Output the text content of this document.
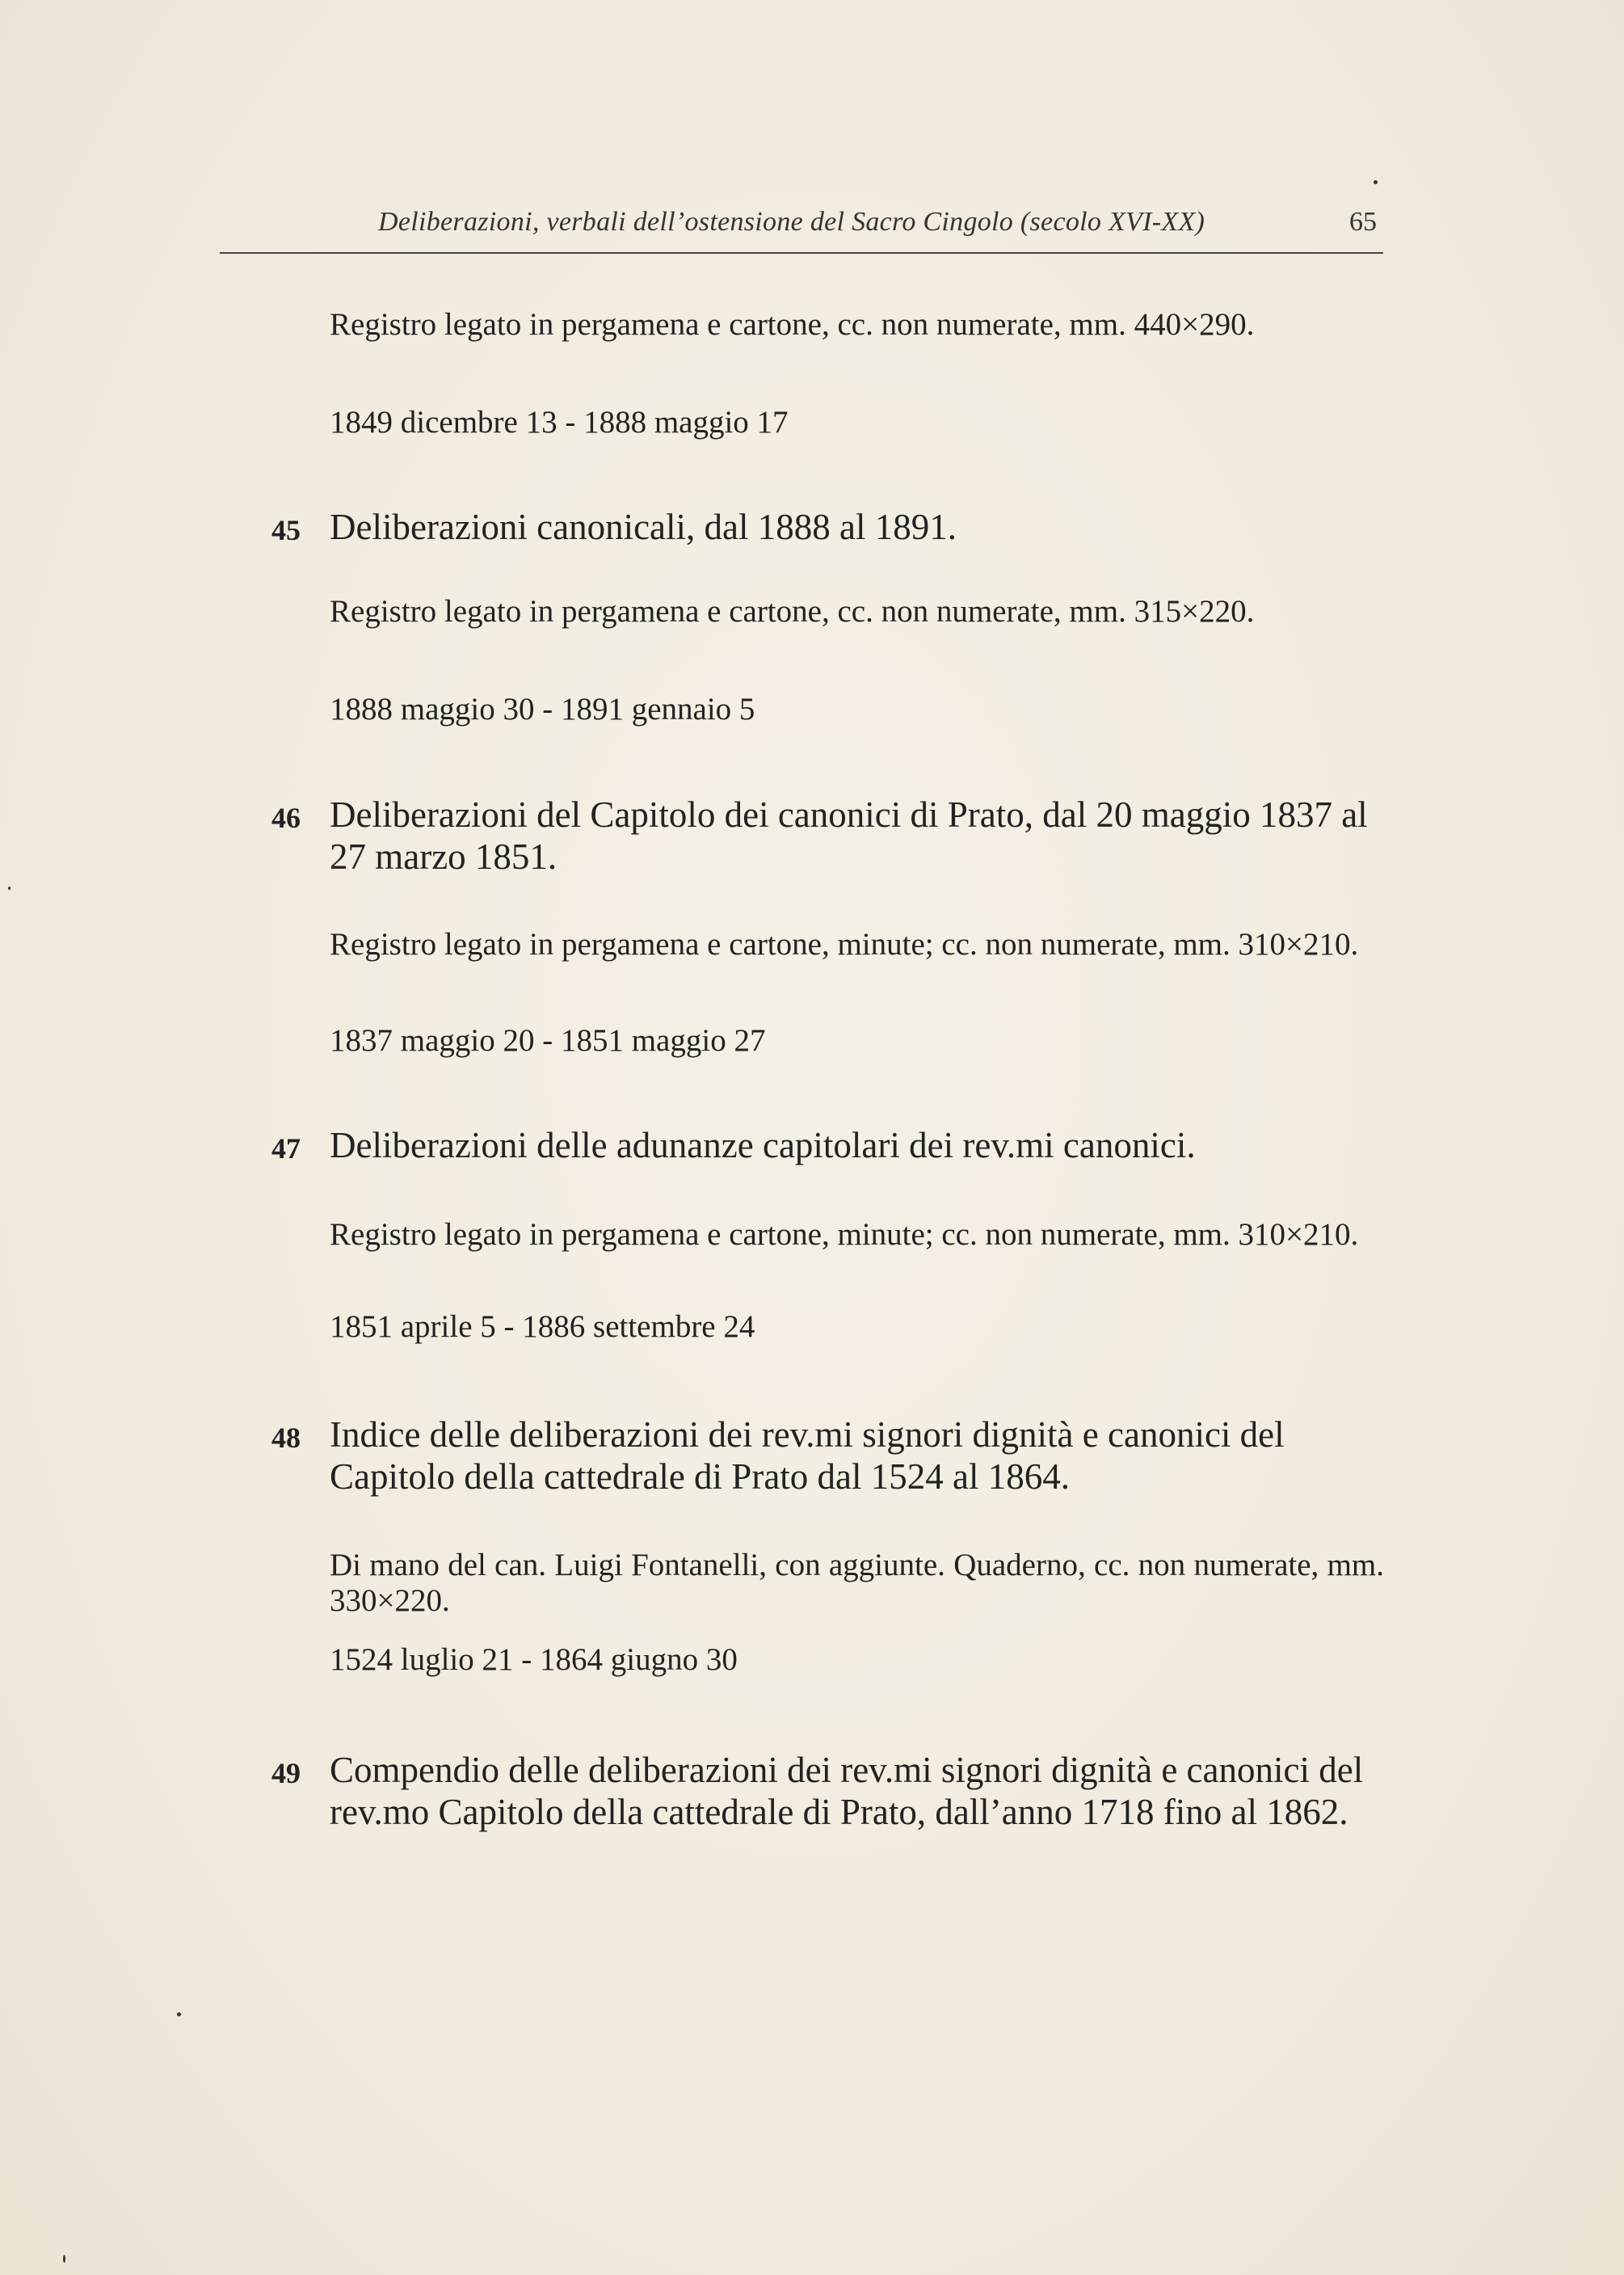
Deliberazioni, verbali dell’ostensione del Sacro Cingolo (secolo XVI-XX)	65
Registro legato in pergamena e cartone, cc. non numerate, mm. 440×290.
1849 dicembre 13 - 1888 maggio 17
45 Deliberazioni canonicali, dal 1888 al 1891.
Registro legato in pergamena e cartone, cc. non numerate, mm. 315×220.
1888 maggio 30 - 1891 gennaio 5
46 Deliberazioni del Capitolo dei canonici di Prato, dal 20 maggio 1837 al 27 marzo 1851.
Registro legato in pergamena e cartone, minute; cc. non numerate, mm. 310×210.
1837 maggio 20 - 1851 maggio 27
47 Deliberazioni delle adunanze capitolari dei rev.mi canonici.
Registro legato in pergamena e cartone, minute; cc. non numerate, mm. 310×210.
1851 aprile 5 - 1886 settembre 24
48 Indice delle deliberazioni dei rev.mi signori dignità e canonici del Capitolo della cattedrale di Prato dal 1524 al 1864.
Di mano del can. Luigi Fontanelli, con aggiunte. Quaderno, cc. non numerate, mm. 330×220.
1524 luglio 21 - 1864 giugno 30
49 Compendio delle deliberazioni dei rev.mi signori dignità e canonici del rev.mo Capitolo della cattedrale di Prato, dall’anno 1718 fino al 1862.
